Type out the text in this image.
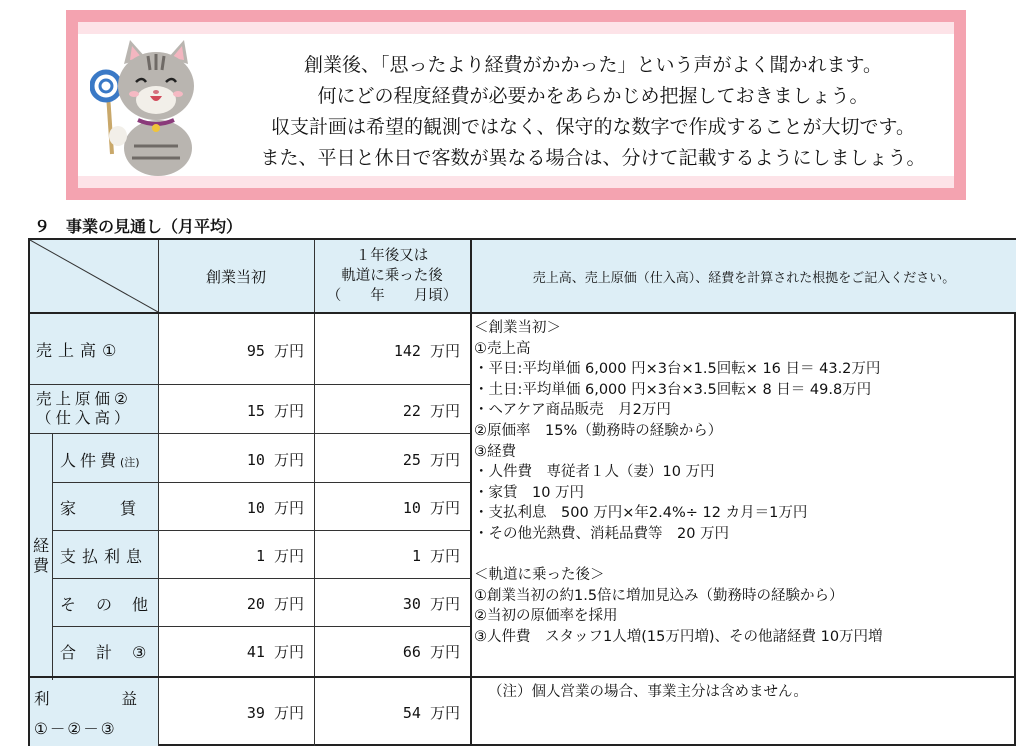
創業後、「思ったより経費がかかった」という声がよく聞かれます。
何にどの程度経費が必要かをあらかじめ把握しておきましょう。
収支計画は希望的観測ではなく、保守的な数字で作成することが大切です。
また、平日と休日で客数が異なる場合は、分けて記載するようにしましょう。
９　事業の見通し（月平均）
創業当初
１年後又は
軌道に乗った後
（　　年　　月頃）
売上高、売上原価（仕入高）、経費を計算された根拠をご記入ください。
売上高①
売上原価②
（仕入高）
経費
人件費(注)
家　　賃
支払利息
そ　の　他
合　計　③
利　　　　益
①－②－③
95 万円
15 万円
10 万円
10 万円
1 万円
20 万円
41 万円
39 万円
142 万円
22 万円
25 万円
10 万円
1 万円
30 万円
66 万円
54 万円
＜創業当初＞
①売上高
・平日:平均単価 6,000 円×3台×1.5回転× 16 日＝ 43.2万円
・土日:平均単価 6,000 円×3台×3.5回転× 8 日＝ 49.8万円
・ヘアケア商品販売　月2万円
②原価率　15%（勤務時の経験から）
③経費
・人件費　専従者１人（妻）10 万円
・家賃　10 万円
・支払利息　500 万円×年2.4%÷ 12 カ月＝1万円
・その他光熱費、消耗品費等　20 万円
＜軌道に乗った後＞
①創業当初の約1.5倍に増加見込み（勤務時の経験から）
②当初の原価率を採用
③人件費　スタッフ1人増(15万円増)、その他諸経費 10万円増
（注）個人営業の場合、事業主分は含めません。
